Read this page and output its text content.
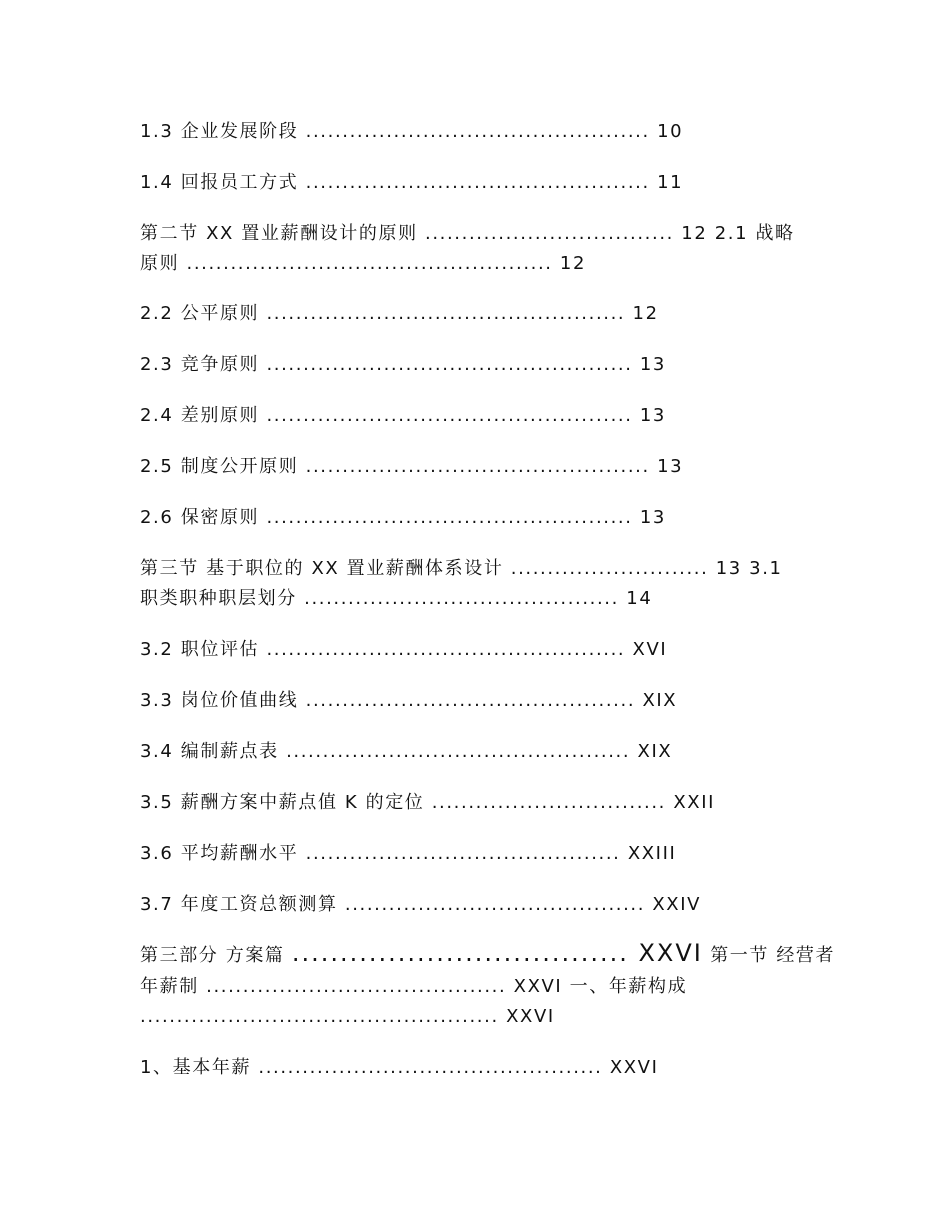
1.3 企业发展阶段 ............................................... 10
1.4 回报员工方式 ............................................... 11
第二节 XX 置业薪酬设计的原则 .................................. 12 2.1 战略
原则 .................................................. 12
2.2 公平原则 ................................................. 12
2.3 竞争原则 .................................................. 13
2.4 差别原则 .................................................. 13
2.5 制度公开原则 ............................................... 13
2.6 保密原则 .................................................. 13
第三节 基于职位的 XX 置业薪酬体系设计 ........................... 13 3.1
职类职种职层划分 ........................................... 14
3.2 职位评估 ................................................. XVI
3.3 岗位价值曲线 ............................................. XIX
3.4 编制薪点表 ............................................... XIX
3.5 薪酬方案中薪点值 K 的定位 ................................ XXII
3.6 平均薪酬水平 ........................................... XXIII
3.7 年度工资总额测算 ......................................... XXIV
第三部分 方案篇 ................................... XXVI 第一节 经营者
年薪制 ......................................... XXVI 一、年薪构成
................................................. XXVI
1、基本年薪 ............................................... XXVI
